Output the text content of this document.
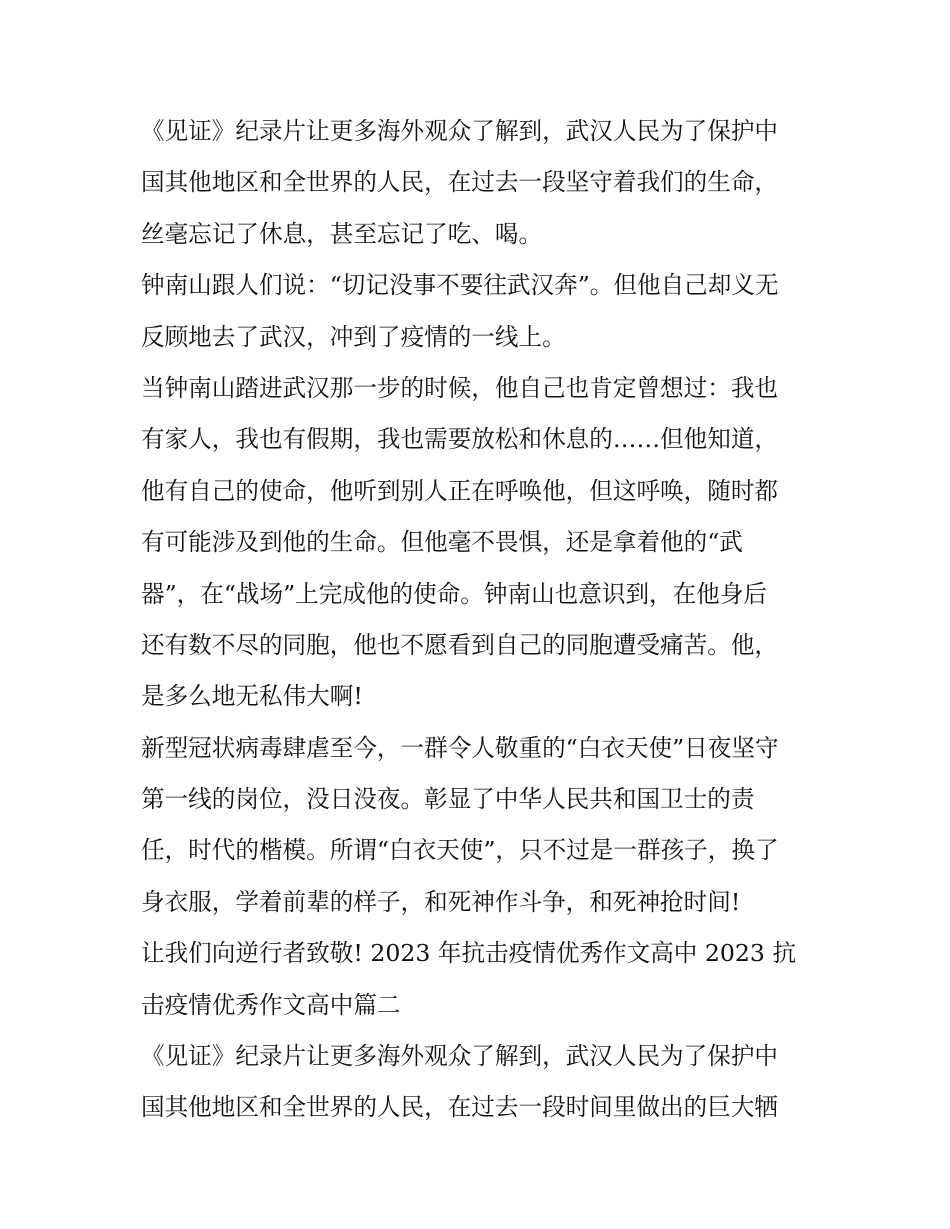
《见证》纪录片让更多海外观众了解到，武汉人民为了保护中
国其他地区和全世界的人民，在过去一段坚守着我们的生命，
丝毫忘记了休息，甚至忘记了吃、喝。

钟南山跟人们说：“切记没事不要往武汉奔”。但他自己却义无
反顾地去了武汉，冲到了疫情的一线上。

当钟南山踏进武汉那一步的时候，他自己也肯定曾想过：我也
有家人，我也有假期，我也需要放松和休息的……但他知道，
他有自己的使命，他听到别人正在呼唤他，但这呼唤，随时都
有可能涉及到他的生命。但他毫不畏惧，还是拿着他的“武
器”，在“战场”上完成他的使命。钟南山也意识到，在他身后
还有数不尽的同胞，他也不愿看到自己的同胞遭受痛苦。他，
是多么地无私伟大啊!

新型冠状病毒肆虐至今，一群令人敬重的“白衣天使”日夜坚守
第一线的岗位，没日没夜。彰显了中华人民共和国卫士的责
任，时代的楷模。所谓“白衣天使”，只不过是一群孩子，换了
身衣服，学着前辈的样子，和死神作斗争，和死神抢时间!

让我们向逆行者致敬! 2023 年抗击疫情优秀作文高中 2023 抗
击疫情优秀作文高中篇二

《见证》纪录片让更多海外观众了解到，武汉人民为了保护中
国其他地区和全世界的人民，在过去一段时间里做出的巨大牺
